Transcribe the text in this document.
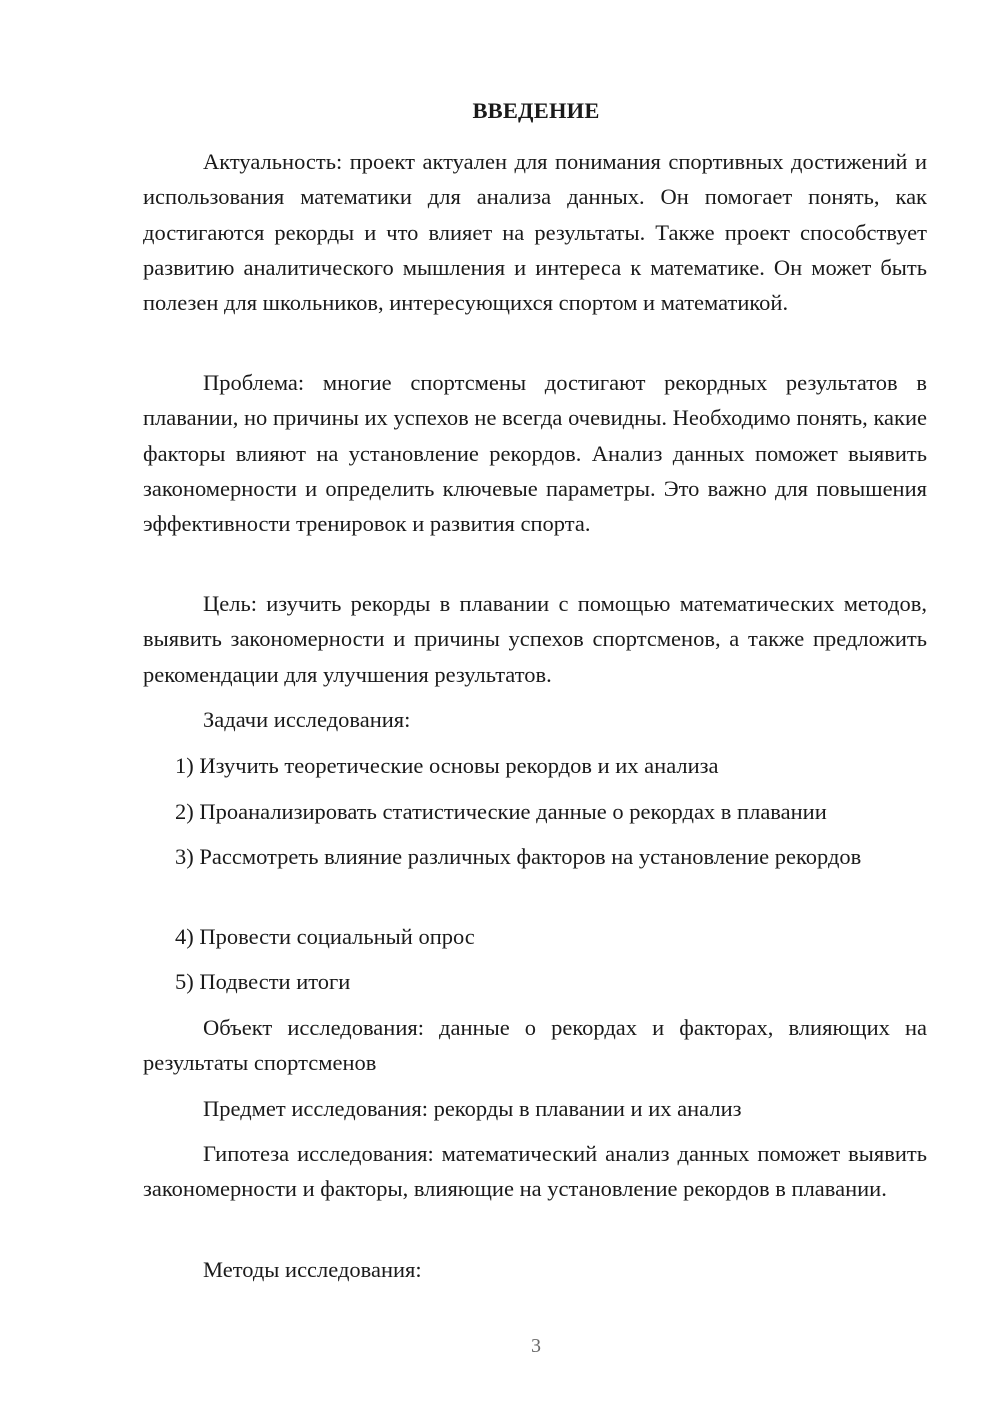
ВВЕДЕНИЕ

Актуальность: проект актуален для понимания спортивных достижений и использования математики для анализа данных. Он помогает понять, как достигаются рекорды и что влияет на результаты. Также проект способствует развитию аналитического мышления и интереса к математике. Он может быть полезен для школьников, интересующихся спортом и математикой.

Проблема: многие спортсмены достигают рекордных результатов в плавании, но причины их успехов не всегда очевидны. Необходимо понять, какие факторы влияют на установление рекордов. Анализ данных поможет выявить закономерности и определить ключевые параметры. Это важно для повышения эффективности тренировок и развития спорта.

Цель: изучить рекорды в плавании с помощью математических методов, выявить закономерности и причины успехов спортсменов, а также предложить рекомендации для улучшения результатов.

Задачи исследования:

1) Изучить теоретические основы рекордов и их анализа

2) Проанализировать статистические данные о рекордах в плавании

3) Рассмотреть влияние различных факторов на установление рекордов

4) Провести социальный опрос

5) Подвести итоги

Объект исследования: данные о рекордах и факторах, влияющих на результаты спортсменов

Предмет исследования: рекорды в плавании и их анализ

Гипотеза исследования: математический анализ данных поможет выявить закономерности и факторы, влияющие на установление рекордов в плавании.

Методы исследования:

3
